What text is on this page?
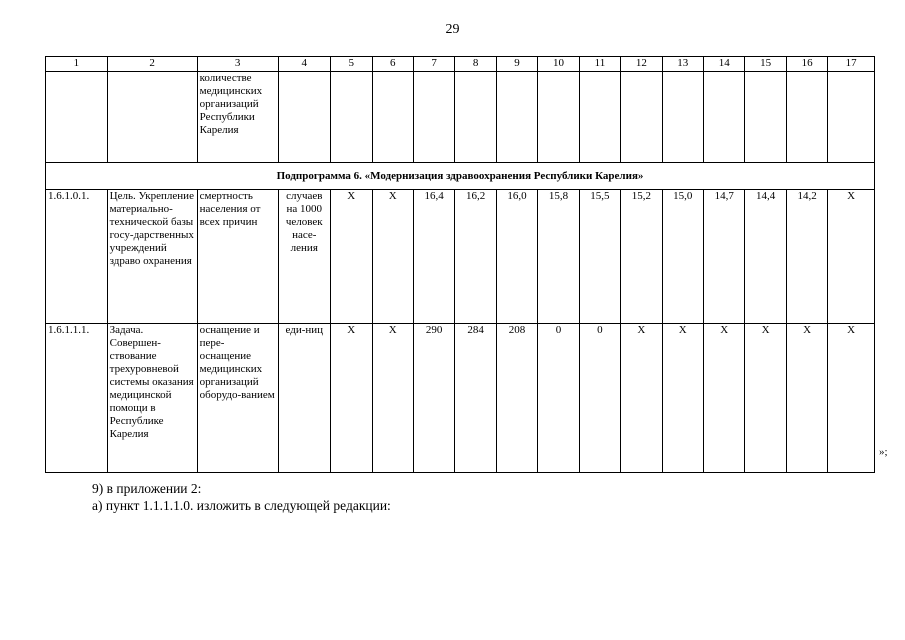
29
1	2	3	4	5	6	7	8	9	10	11	12	13	14	15	16	17
		количестве медицинских организаций Республики Карелия														
Подпрограмма 6. «Модернизация здравоохранения Республики Карелия»																
1.6.1.0.1.	Цель. Укрепление материально-технической базы госу-дарственных учреждений здраво охранения	смертность населения от всех причин	случаев на 1000 человек насе-ления	Х	Х	16,4	16,2	16,0	15,8	15,5	15,2	15,0	14,7	14,4	14,2	Х
1.6.1.1.1.	Задача. Совершен-ствование трехуровневой системы оказания медицинской помощи в Республике Карелия	оснащение и пере-оснащение медицинских организаций оборудо-ванием	еди-ниц	Х	Х	290	284	208	0	0	Х	Х	Х	Х	Х	Х
»;
9) в приложении 2:
а) пункт 1.1.1.1.0. изложить в следующей редакции:
